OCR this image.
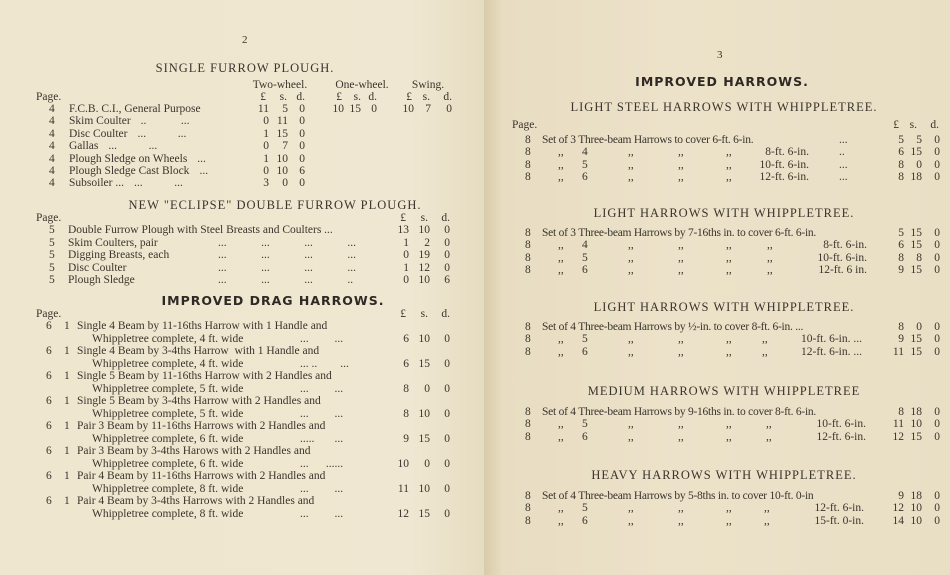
2
SINGLE FURROW PLOUGH.
Two-wheel. One-wheel. Swing.
Page.	£	s. d.	£	s. d.	£ s.	d.
4 F.C.B. C.I., General Purpose	11	5 0	10 15 0	10 7	0
4 Skim Coulter ..            ...	0 11 0
4 Disc Coulter ...           ...	1 15 0
4 Gallas ...           ...	0	7 0
4 Plough Sledge on Wheels ...	1 10 0
4 Plough Sledge Cast Block ...	0 10 6
4 Subsoiler ... ...           ...	3	0 0
NEW "ECLIPSE" DOUBLE FURROW PLOUGH.
Page.	£	s.	d.
5 Double Furrow Plough with Steel Breasts and Coulters ...	13 10	0
5 Skim Coulters, pair	...            ...            ...            ...	1	2	0
5 Digging Breasts, each	...            ...            ...            ...	0 19	0
5 Disc Coulter	...            ...            ...            ...	1 12	0
5 Plough Sledge	...            ...            ...            ..	0 10	6
IMPROVED DRAG HARROWS.
Page.	£	s.	d.
6 1 Single 4 Beam by 11-16ths Harrow with 1 Handle and
Whippletree complete, 4 ft. wide	...         ...	6 10	0
6 1 Single 4 Beam by 3-4ths Harrow  with 1 Handle and
Whippletree complete, 4 ft. wide	... ..        ...	6 15	0
6 1 Single 5 Beam by 11-16ths Harrow with 2 Handles and
Whippletree complete, 5 ft. wide	...         ...	8	0	0
6 1 Single 5 Beam by 3-4ths Harrow with 2 Handles and
Whippletree complete, 5 ft. wide	...         ...	8 10	0
6 1 Pair 3 Beam by 11-16ths Harrows with 2 Handles and
Whippletree complete, 6 ft. wide	.....       ...	9 15	0
6 1 Pair 3 Beam by 3-4ths Harows with 2 Handles and
Whippletree complete, 6 ft. wide	...      ......	10	0	0
6 1 Pair 4 Beam by 11-16ths Harrows with 2 Handles and
Whippletree complete, 8 ft. wide	...         ...	11 10	0
6 1 Pair 4 Beam by 3-4ths Harrows with 2 Handles and
Whippletree complete, 8 ft. wide	...         ...	12 15	0
3
IMPROVED HARROWS.
Page.	£ s.	d.
LIGHT STEEL HARROWS WITH WHIPPLETREE.
8 Set of 3 Three-beam Harrows to cover 6-ft. 6-in.	...	5	5	0
8 ,, 4	,,	,,	,,	8-ft. 6-in.	..	6 15	0
8 ,, 5	,,	,,	,,	10-ft. 6-in.	...	8	0	0
8 ,, 6	,,	,,	,,	12-ft. 6-in.	...	8 18	0
LIGHT HARROWS WITH WHIPPLETREE.
8 Set of 3 Three-beam Harrows by 7-16ths in. to cover 6-ft. 6-in.	5 15	0
8 ,, 4	,,	,,	,,	,,	8-ft. 6-in.	6 15	0
8 ,, 5	,,	,,	,,	,,	10-ft. 6-in.	8	8	0
8 ,, 6	,,	,,	,,	,,	12-ft. 6 in.	9 15	0
LIGHT HARROWS WITH WHIPPLETREE.
8 Set of 4 Three-beam Harrows by ½-in. to cover 8-ft. 6-in. ...	8	0	0
8 ,, 5	,,	,,	,,	,,	10-ft. 6-in. ...	9 15	0
8 ,, 6	,,	,,	,,	,,	12-ft. 6-in. ...	11 15	0
MEDIUM HARROWS WITH WHIPPLETREE
8 Set of 4 Three-beam Harrows by 9-16ths in. to cover 8-ft. 6-in.	8 18	0
8 ,, 5	,,	,,	,,	,,	10-ft. 6-in.	11 10	0
8 ,, 6	,,	,,	,,	,,	12-ft. 6-in.	12 15	0
HEAVY HARROWS WITH WHIPPLETREE.
8 Set of 4 Three-beam Harrows by 5-8ths in. to cover 10-ft. 0-in	9 18	0
8 ,, 5	,,	,,	,,	,,	12-ft. 6-in.	12 10	0
8 ,, 6	,,	,,	,,	,,	15-ft. 0-in.	14 10	0
